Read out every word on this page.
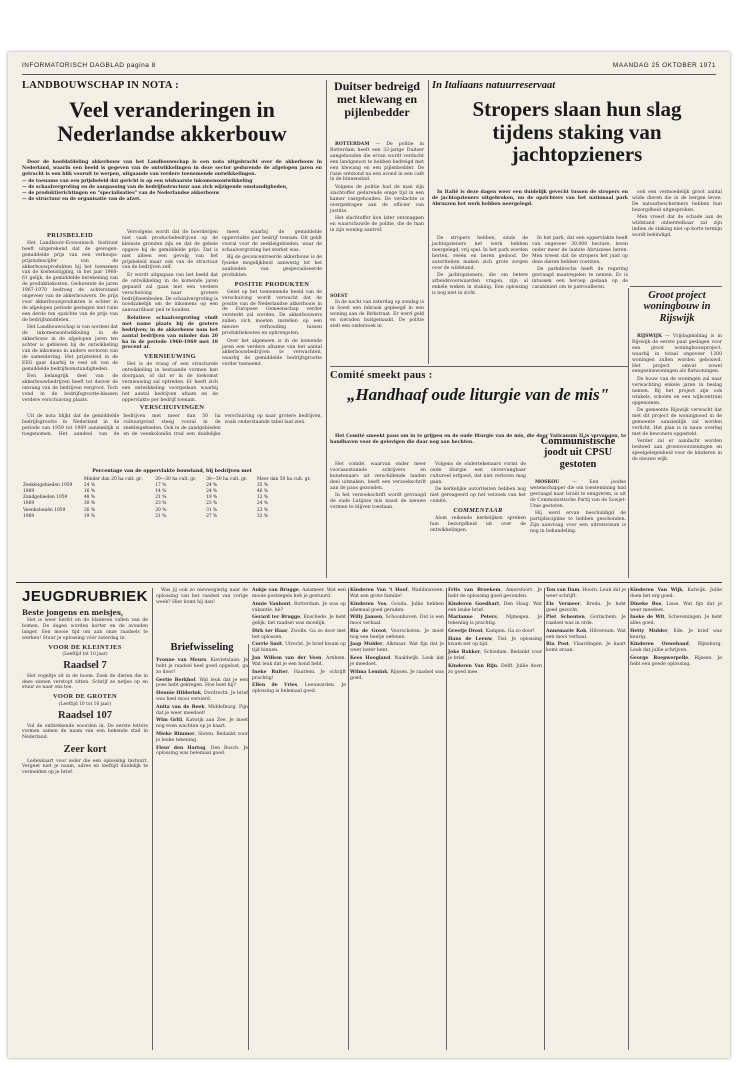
INFORMATORISCH DAGBLAD pagina 8	MAANDAG 25 OKTOBER 1971
LANDBOUWSCHAP IN NOTA :
Veel veranderingen in
Nederlandse akkerbouw

Door de hoofdafdeling akkerbouw van het Landbouwschap is een nota uitgebracht over de akkerbouw in Nederland, waarin een beeld is gegeven van de ontwikkelingen in deze sector gedurende de afgelopen jaren en getracht is een blik vooruit te werpen, uitgaande van verdere toenemende ontwikkelingen.

— de toename van een prijsbeleid dat gericht is op een wisbaarste inkomensontwikkeling
— de schaalvergroting en de aanpassing van de bedrijfsstructuur aan zich wijzigende omstandigheden,
— de produktierichtingen en "specialisaties" van de Nederlandse akkerbouw
— de structuur en de organisatie van de afzet.
PRIJSBELEID

Het Landbouw-Economisch Instituut heeft uitgerekend dat de gewogen-gemiddelde prijs van een verkoops-prijsindexcijfer van de akkerbouwprodukten bij het toenemen van de kostenstijging, in het jaar 1960-61 gelijk, de gemiddelde berekening van de produktiekosten. Gedurende de jaren 1967-1970 bedroeg de achterstand ongeveer van de akkerbouwers. De prijs voor akkerbouwprodukten is echter in de afgelopen periode gestegen met ruim een derde ten opzichte van de prijs van de bedrijfsmiddelen.

Het Landbouwschap is van oordeel dat de inkomensontwikkeling in de akkerbouw in de afgelopen jaren ten achter is gebleven bij de ontwikkeling van de inkomens in andere sectoren van de samenleving. Het prijsbeleid in de EEG gaat daarbij te veel uit van de gemiddelde bedrijfsomstandigheden.

Een belangrijk deel van de akkerbouwbedrijven heeft tot dusver de omvang van de bedrijven vergroot. Toch vond in de bedrijfsgrootte-klassen verdere verschuiving plaats.

Vervolgens wordt dat de boerderijen niet vaak productiebedrijven op de kleinste gronden zijn en dat de gehele opgave bij de gemiddelde prijs. Dat is niet alleen een gevolg van het prijsbeleid maar ook van de structuur van de bedrijven zelf.

Er wordt uitgegaan van het beeld dat de ontwikkeling in de komende jaren gepaard zal gaan met een verdere verschuiving naar grotere bedrijfseenheden. De schaalvergroting is noodzakelijk om de inkomens op een aanvaardbaar peil te houden.

Relatieve schaalvergroting vindt met name plaats bij de grotere bedrijven; in de akkerbouw nam het aantal bedrijven van minder dan 20 ha in de periode 1960-1969 met 18 procent af.

VERNIEUWING

Het is de vraag of een structurele ontwikkeling in bestaande vormen kan doorgaan, of dat er in de toekomst vernieuwing zal optreden. Er heeft zich een ontwikkeling voorgedaan waarbij het aantal bedrijven afnam en de oppervlakte per bedrijf toenam.

meer, waarbij de gemiddelde oppervlakte per bedrijf toenam. Dit geldt vooral voor de zeekleigebieden, waar de schaalvergroting het sterkst was.

Bij de geconcentreerde akkerbouw is de fysieke mogelijkheid aanwezig tot het aanbieden van gespecialiseerde produkten.

POSITIE PRODUKTEN

Gelet op het toenemende beeld van de verschuiving wordt verwacht dat de positie van de Nederlandse akkerbouw in de Europese Gemeenschap verder versterkt zal worden. De akkerbouwers zullen zich moeten instellen op een nieuwe verhouding tussen produktiekosten en opbrengsten.

Over het algemeen is in de komende jaren een verdere afname van het aantal akkerbouwbedrijven te verwachten, waarbij de gemiddelde bedrijfsgrootte verder toeneemt.

VERSCHUIVINGEN

Uit de nota blijkt dat de gemiddelde bedrijfsgrootte in Nederland in de periode van 1959 tot 1969 aanzienlijk is toegenomen. Het aandeel van de bedrijven met meer dan 50 ha cultuurgrond steeg vooral in de zeekleigebieden. Ook in de zandgebieden en de veenkoloniën trad een duidelijke verschuiving op naar grotere bedrijven, zoals onderstaande tabel laat zien.

Percentage van de oppervlakte bouwland, bij bedrijven met
	Minder dan 20 ha cult. gr.	20—30 ha cult. gr.	30—50 ha cult. gr.	Meer dan 50 ha cult. gr.
Zeekleigebieden 1959	24 %	17 %	24 %	35 %
1969	16 %	14 %	24 %	46 %
Zandgebieden 1959	48 %	21 %	19 %	12 %
1969	30 %	23 %	23 %	24 %
Veenkoloniën 1959	26 %	20 %	31 %	23 %
1969	19 %	21 %	27 %	33 %
Duitser bedreigd met klewang en pijlenbedder

ROTTERDAM — De politie in Rotterdam heeft een 32-jarige Duitser aangehouden die ervan wordt verdacht een landgenoot te hebben bedreigd met een klewang en een pijlenbedder. De ruzie ontstond na een avond in een café in de binnenstad.

Volgens de politie had de man zijn slachtoffer gedurende enige tijd in een kamer vastgehouden. De verdachte is overgedragen aan de officier van justitie.

Het slachtoffer kon later ontsnappen en waarschuwde de politie, die de man in zijn woning aantrof.

SOEST

In de nacht van zaterdag op zondag is in Soest een inbraak gepleegd in een woning aan de Birkstraat. Er werd geld en sieraden buitgemaakt. De politie stelt een onderzoek in.

In Italiaans natuurreservaat
Stropers slaan hun slag
tijdens staking van
jachtopzieners

In Italië is deze dagen weer een duidelijk gevecht tussen de stropers en de jachtopzieners uitgebroken, nu de opzichters van het nationaal park Abruzzen het werk hebben neergelegd.

De stropers hebben, sinds de jachtopzieners het werk hebben neergelegd, vrij spel. In het park worden herten, reeën en beren gedood. De autoriteiten maken zich grote zorgen over de wildstand.

De jachtopzieners, die om betere arbeidsvoorwaarden vragen, zijn al enkele weken in staking. Een oplossing is nog niet in zicht.

In het park, dat een oppervlakte heeft van ongeveer 30.000 hectare, leven onder meer de laatste Abruzzese beren. Men vreest dat de stropers het juist op deze dieren hebben voorzien.

De parkdirectie heeft de regering gevraagd maatregelen te nemen. Er is intussen een beroep gedaan op de carabinieri om te patrouilleren.

ook een vermoedelijk groot aantal wilde dieren die in de bergen leven. De natuurbeschermers hebben hun bezorgdheid uitgesproken.

Men vreest dat de schade aan de wildstand onherstelbaar zal zijn indien de staking niet op korte termijn wordt beëindigd.

Groot project woningbouw in Rijswijk

RIJSWIJK — Vrijdagmiddag is in Rijswijk de eerste paal geslagen voor een groot woningbouwproject, waarbij in totaal ongeveer 1200 woningen zullen worden gebouwd. Het project omvat zowel eengezinswoningen als flatwoningen.

De bouw van de woningen zal naar verwachting enkele jaren in beslag nemen. Bij het project zijn ook winkels, scholen en een wijkcentrum opgenomen.

De gemeente Rijswijk verwacht dat met dit project de woningnood in de gemeente aanzienlijk zal worden verlicht. Het plan is in nauw overleg met de bewoners opgesteld.

Verder zal er aandacht worden besteed aan groenvoorzieningen en speelgelegenheid voor de kinderen in de nieuwe wijk.

Comité smeekt paus :
„Handhaaf oude liturgie van de mis"

Het Comité smeekt paus om in te grijpen en de oude liturgie van de mis, die door Vaticanum II is vervangen, te handhaven voor de gelovigen die daar nog aan hechten.

Het comité, waarvan onder meer vooraanstaande schrijvers en kunstenaars uit verschillende landen deel uitmaken, heeft een verzoekschrift aan de paus gezonden.

In het verzoekschrift wordt gevraagd de oude Latijnse mis naast de nieuwe vormen te blijven toestaan.

Volgens de ondertekenaars vormt de oude liturgie een onvervangbaar cultureel erfgoed, dat niet verloren mag gaan.

De kerkelijke autoriteiten hebben nog niet gereageerd op het verzoek van het comité.

COMMENTAAR

Alom reikende kerkelijken spreken hun bezorgdheid uit over de ontwikkelingen.

Communistische joodt uit CPSU gestoten

MOSKOU — Een joodse wetenschapper die om toestemming had gevraagd naar Israël te emigreren, is uit de Communistische Partij van de Sowjet-Unie gestoten.

Hij werd ervan beschuldigd de partijdiscipline te hebben geschonden. Zijn aanvraag voor een uitreisvisum is nog in behandeling.

JEUGDRUBRIEK
Beste jongens en meisjes,

Het is weer herfst en de bladeren vallen van de bomen. De dagen worden korter en de avonden langer. Een mooie tijd om aan onze raadsels te werken! Stuur je oplossing vóór zaterdag in.

VOOR DE KLEINTJES
(Leeftijd tot 10 jaar)
Raadsel 7

Het vogeltje zit in de boom. Zoek de dieren die in deze zinnen verstopt zitten. Schrijf ze netjes op en stuur ze naar ons toe.

VOOR DE GROTEN
(Leeftijd 10 tot 16 jaar)
Raadsel 107

Vul de ontbrekende woorden in. De eerste letters vormen samen de naam van een bekende stad in Nederland.

Zeer kort

Ledenkaart voor ieder die een oplossing instuurt. Vergeet niet je naam, adres en leeftijd duidelijk te vermelden op je brief.

Was jij ook zo nieuwsgierig naar de oplossing van het raadsel van vorige week? Hier komt hij dan!

Briefwisseling
Yvonne van Meurs, Kievietslaan. Je hebt je raadsel heel goed opgelost, ga zo door!
Gertie Berkhof. Wat leuk dat je een poes hebt gekregen. Hoe heet hij?
Hennie Hilderink, Dordrecht. Je brief was heel mooi versierd.
Anita van de Beek, Middelburg. Fijn dat je weer meedoet!
Wim Gritl, Katwijk aan Zee. Je moet nog even wachten op je kaart.
Mieke Rimmer, Sloten. Bedankt voor je leuke tekening.
Fleur den Hartog, Den Bosch. Je oplossing was helemaal goed.
Aukje van Brugge, Aalsmeer. Wat een mooie postzegels heb je gestuurd.
Annie Vanhout, Rotterdam. Je was op vakantie, hè?
Gerard ter Brugge, Enschede. Je hebt gelijk, het raadsel was moeilijk.
Dirk ter Haar, Zwolle. Ga zo door met het oplossen.
Corrie Smit, Utrecht. Je brief kwam op tijd binnen.
Jan Willem van der Veen, Arnhem. Wat leuk dat je een hond hebt.
Ineke Ruiter, Haarlem. Je schrijft prachtig!
Ellen de Vries, Leeuwarden. Je oplossing is helemaal goed.
Kinderen Van 't Hoof, Waddinxveen. Wat een grote familie!
Kinderen Vos, Gouda. Jullie hebben allemaal goed geraden.
Willy Jansen, Schoonhoven. Dat is een mooi verhaal.
Ria de Groot, Voorschoten. Je moet nog een beetje oefenen.
Jaap Mulder, Alkmaar. Wat fijn dat je weer beter bent.
Kees Hoogland, Naaldwijk. Leuk dat je meedoet.
Wilma Lemink, Rijssen. Je raadsel was goed.
Frits van Broekem, Amersfoort. Je hebt de oplossing goed gevonden.
Kinderen Goedhart, Den Haag. Wat een leuke brief.
Marianne Peters, Nijmegen. Je tekening is prachtig.
Greetje Drost, Kampen. Ga zo door!
Hans de Leeuw, Tiel. Je oplossing kwam net op tijd.
Joke Bakker, Schiedam. Bedankt voor je brief.
Kinderen Van Rijn, Delft. Jullie doen zo goed mee.
Ton van Dam, Hoorn. Leuk dat je weer schrijft.
Els Vermeer, Breda. Je hebt goed gezocht.
Piet Schouten, Gorinchem. Je raadsel was in orde.
Annemarie Kok, Hilversum. Wat een mooi verhaal.
Ria Post, Vlaardingen. Je kaart komt eraan.
Kinderen Van Wijk, Katwijk. Jullie doen het erg goed.
Dineke Bos, Lisse. Wat fijn dat je weer meedoet.
Ineke de Wit, Scheveningen. Je hebt alles goed.
Hetty Mulder, Ede. Je brief was keurig.
Kinderen Ouwehand, Rijnsburg. Leuk dat jullie schrijven.
George Roepwerpelle, Rijssen. Je hebt een goede oplossing.
